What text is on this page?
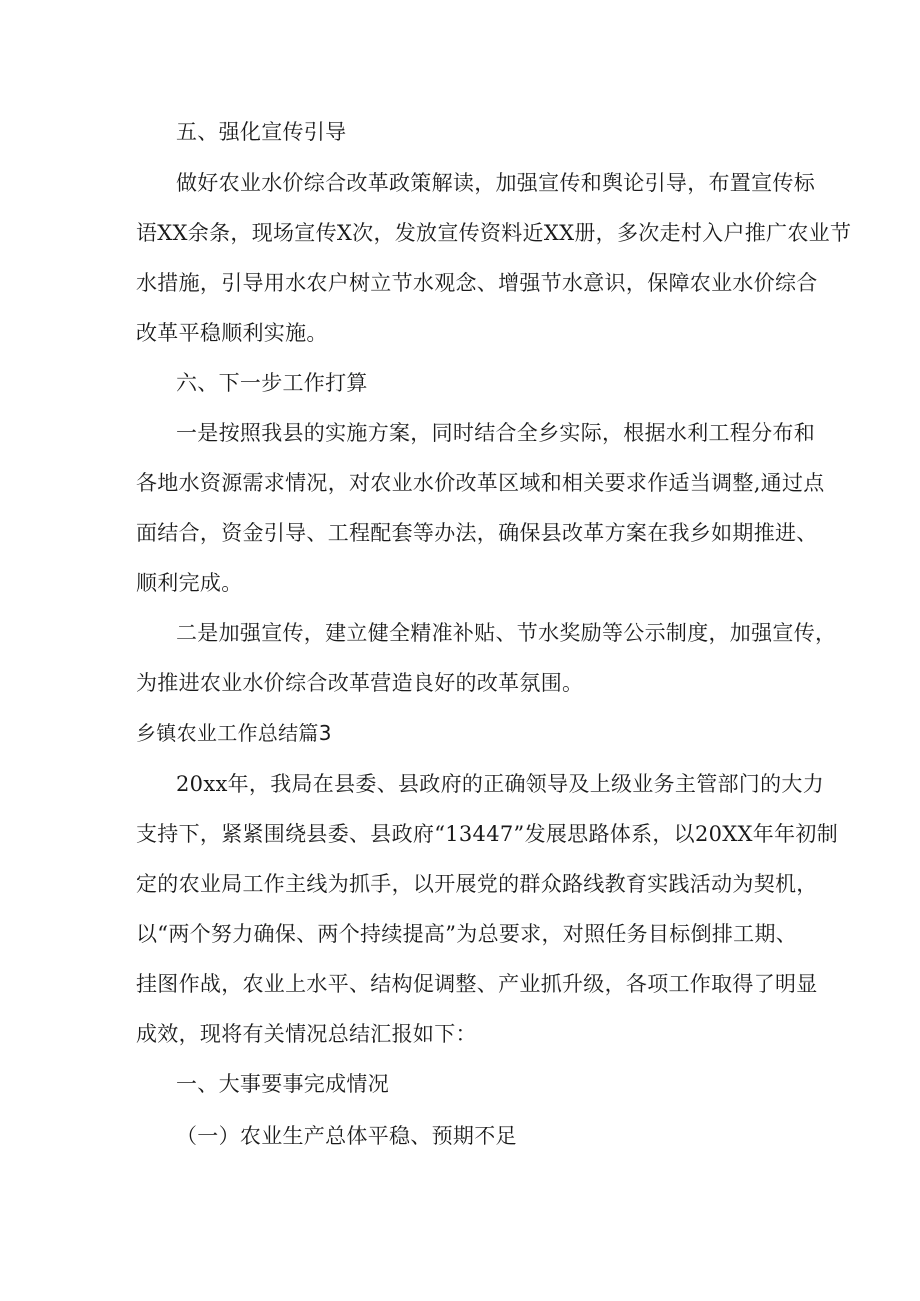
五、强化宣传引导
做好农业水价综合改革政策解读，加强宣传和舆论引导，布置宣传标
语XX余条，现场宣传X次，发放宣传资料近XX册，多次走村入户推广农业节
水措施，引导用水农户树立节水观念、增强节水意识，保障农业水价综合
改革平稳顺利实施。
六、下一步工作打算
一是按照我县的实施方案，同时结合全乡实际，根据水利工程分布和
各地水资源需求情况，对农业水价改革区域和相关要求作适当调整,通过点
面结合，资金引导、工程配套等办法，确保县改革方案在我乡如期推进、
顺利完成。
二是加强宣传，建立健全精准补贴、节水奖励等公示制度，加强宣传，
为推进农业水价综合改革营造良好的改革氛围。
乡镇农业工作总结篇3
20xx年，我局在县委、县政府的正确领导及上级业务主管部门的大力
支持下，紧紧围绕县委、县政府“13447”发展思路体系，以20XX年年初制
定的农业局工作主线为抓手，以开展党的群众路线教育实践活动为契机，
以“两个努力确保、两个持续提高”为总要求，对照任务目标倒排工期、
挂图作战，农业上水平、结构促调整、产业抓升级，各项工作取得了明显
成效，现将有关情况总结汇报如下：
一、大事要事完成情况
（一）农业生产总体平稳、预期不足
